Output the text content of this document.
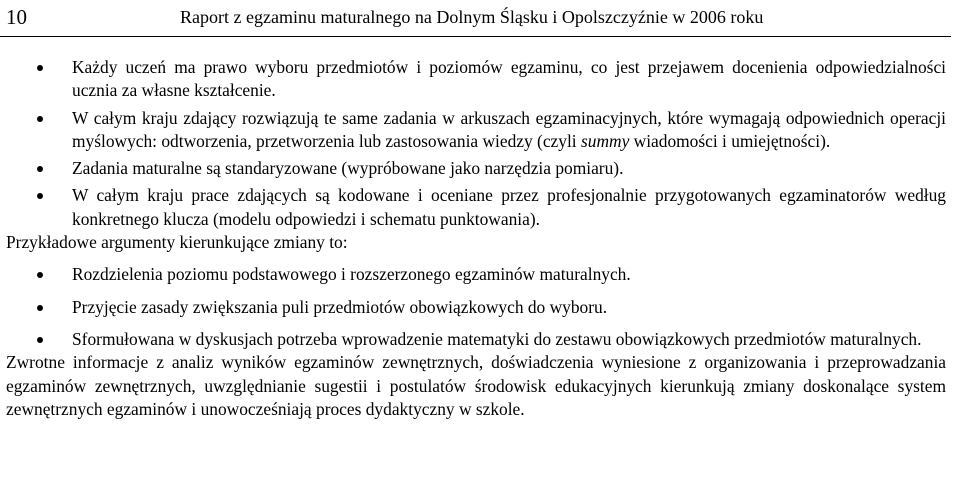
10	Raport z egzaminu maturalnego na Dolnym Śląsku i Opolszczyźnie w 2006 roku

Każdy uczeń ma prawo wyboru przedmiotów i poziomów egzaminu, co jest przejawem docenienia odpowiedzialności ucznia za własne kształcenie.

W całym kraju zdający rozwiązują te same zadania w arkuszach egzaminacyjnych, które wymagają odpowiednich operacji myślowych: odtworzenia, przetworzenia lub zastosowania wiedzy (czyli summy wiadomości i umiejętności).

Zadania maturalne są standaryzowane (wypróbowane jako narzędzia pomiaru).

W całym kraju prace zdających są kodowane i oceniane przez profesjonalnie przygotowanych egzaminatorów według konkretnego klucza (modelu odpowiedzi i schematu punktowania).

Przykładowe argumenty kierunkujące zmiany to:

Rozdzielenia poziomu podstawowego i rozszerzonego egzaminów maturalnych.

Przyjęcie zasady zwiększania puli przedmiotów obowiązkowych do wyboru.

Sformułowana w dyskusjach potrzeba wprowadzenie matematyki do zestawu obowiązkowych przedmiotów maturalnych.

Zwrotne informacje z analiz wyników egzaminów zewnętrznych, doświadczenia wyniesione z organizowania i przeprowadzania egzaminów zewnętrznych, uwzględnianie sugestii i postulatów środowisk edukacyjnych kierunkują zmiany doskonalące system zewnętrznych egzaminów i unowocześniają proces dydaktyczny w szkole.
